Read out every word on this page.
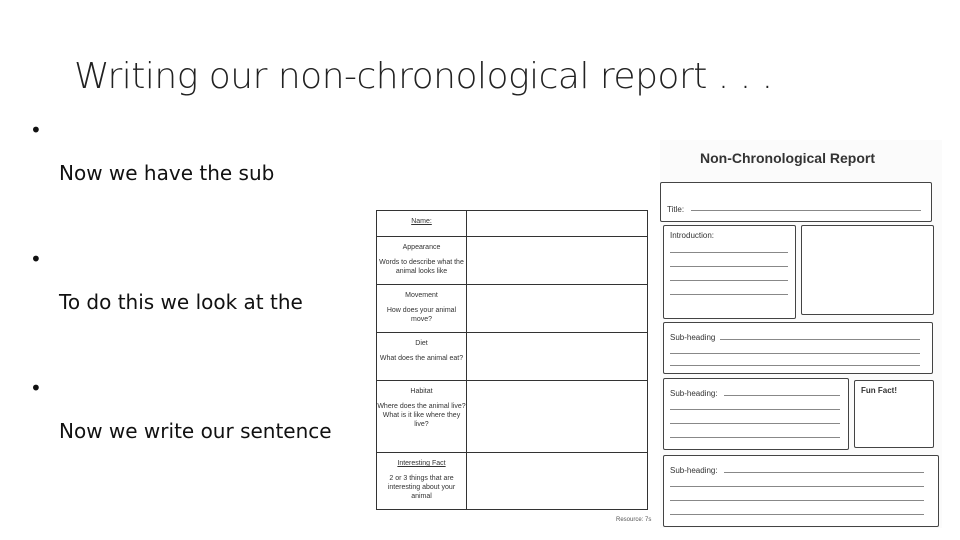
Writing our non-chronological report . . .
•

Now we have the sub

•

To do this we look at the

•

Now we write our sentence

Name:
Appearance
Words to describe what the animal looks like
Movement
How does your animal move?
Diet
What does the animal eat?
Habitat
Where does the animal live? What is it like where they live?
Interesting Fact
2 or 3 things that are interesting about your animal
Resource: 7s
Non-Chronological Report
Title:
Introduction:
Sub-heading
Sub-heading:	Fun Fact!
Sub-heading:
